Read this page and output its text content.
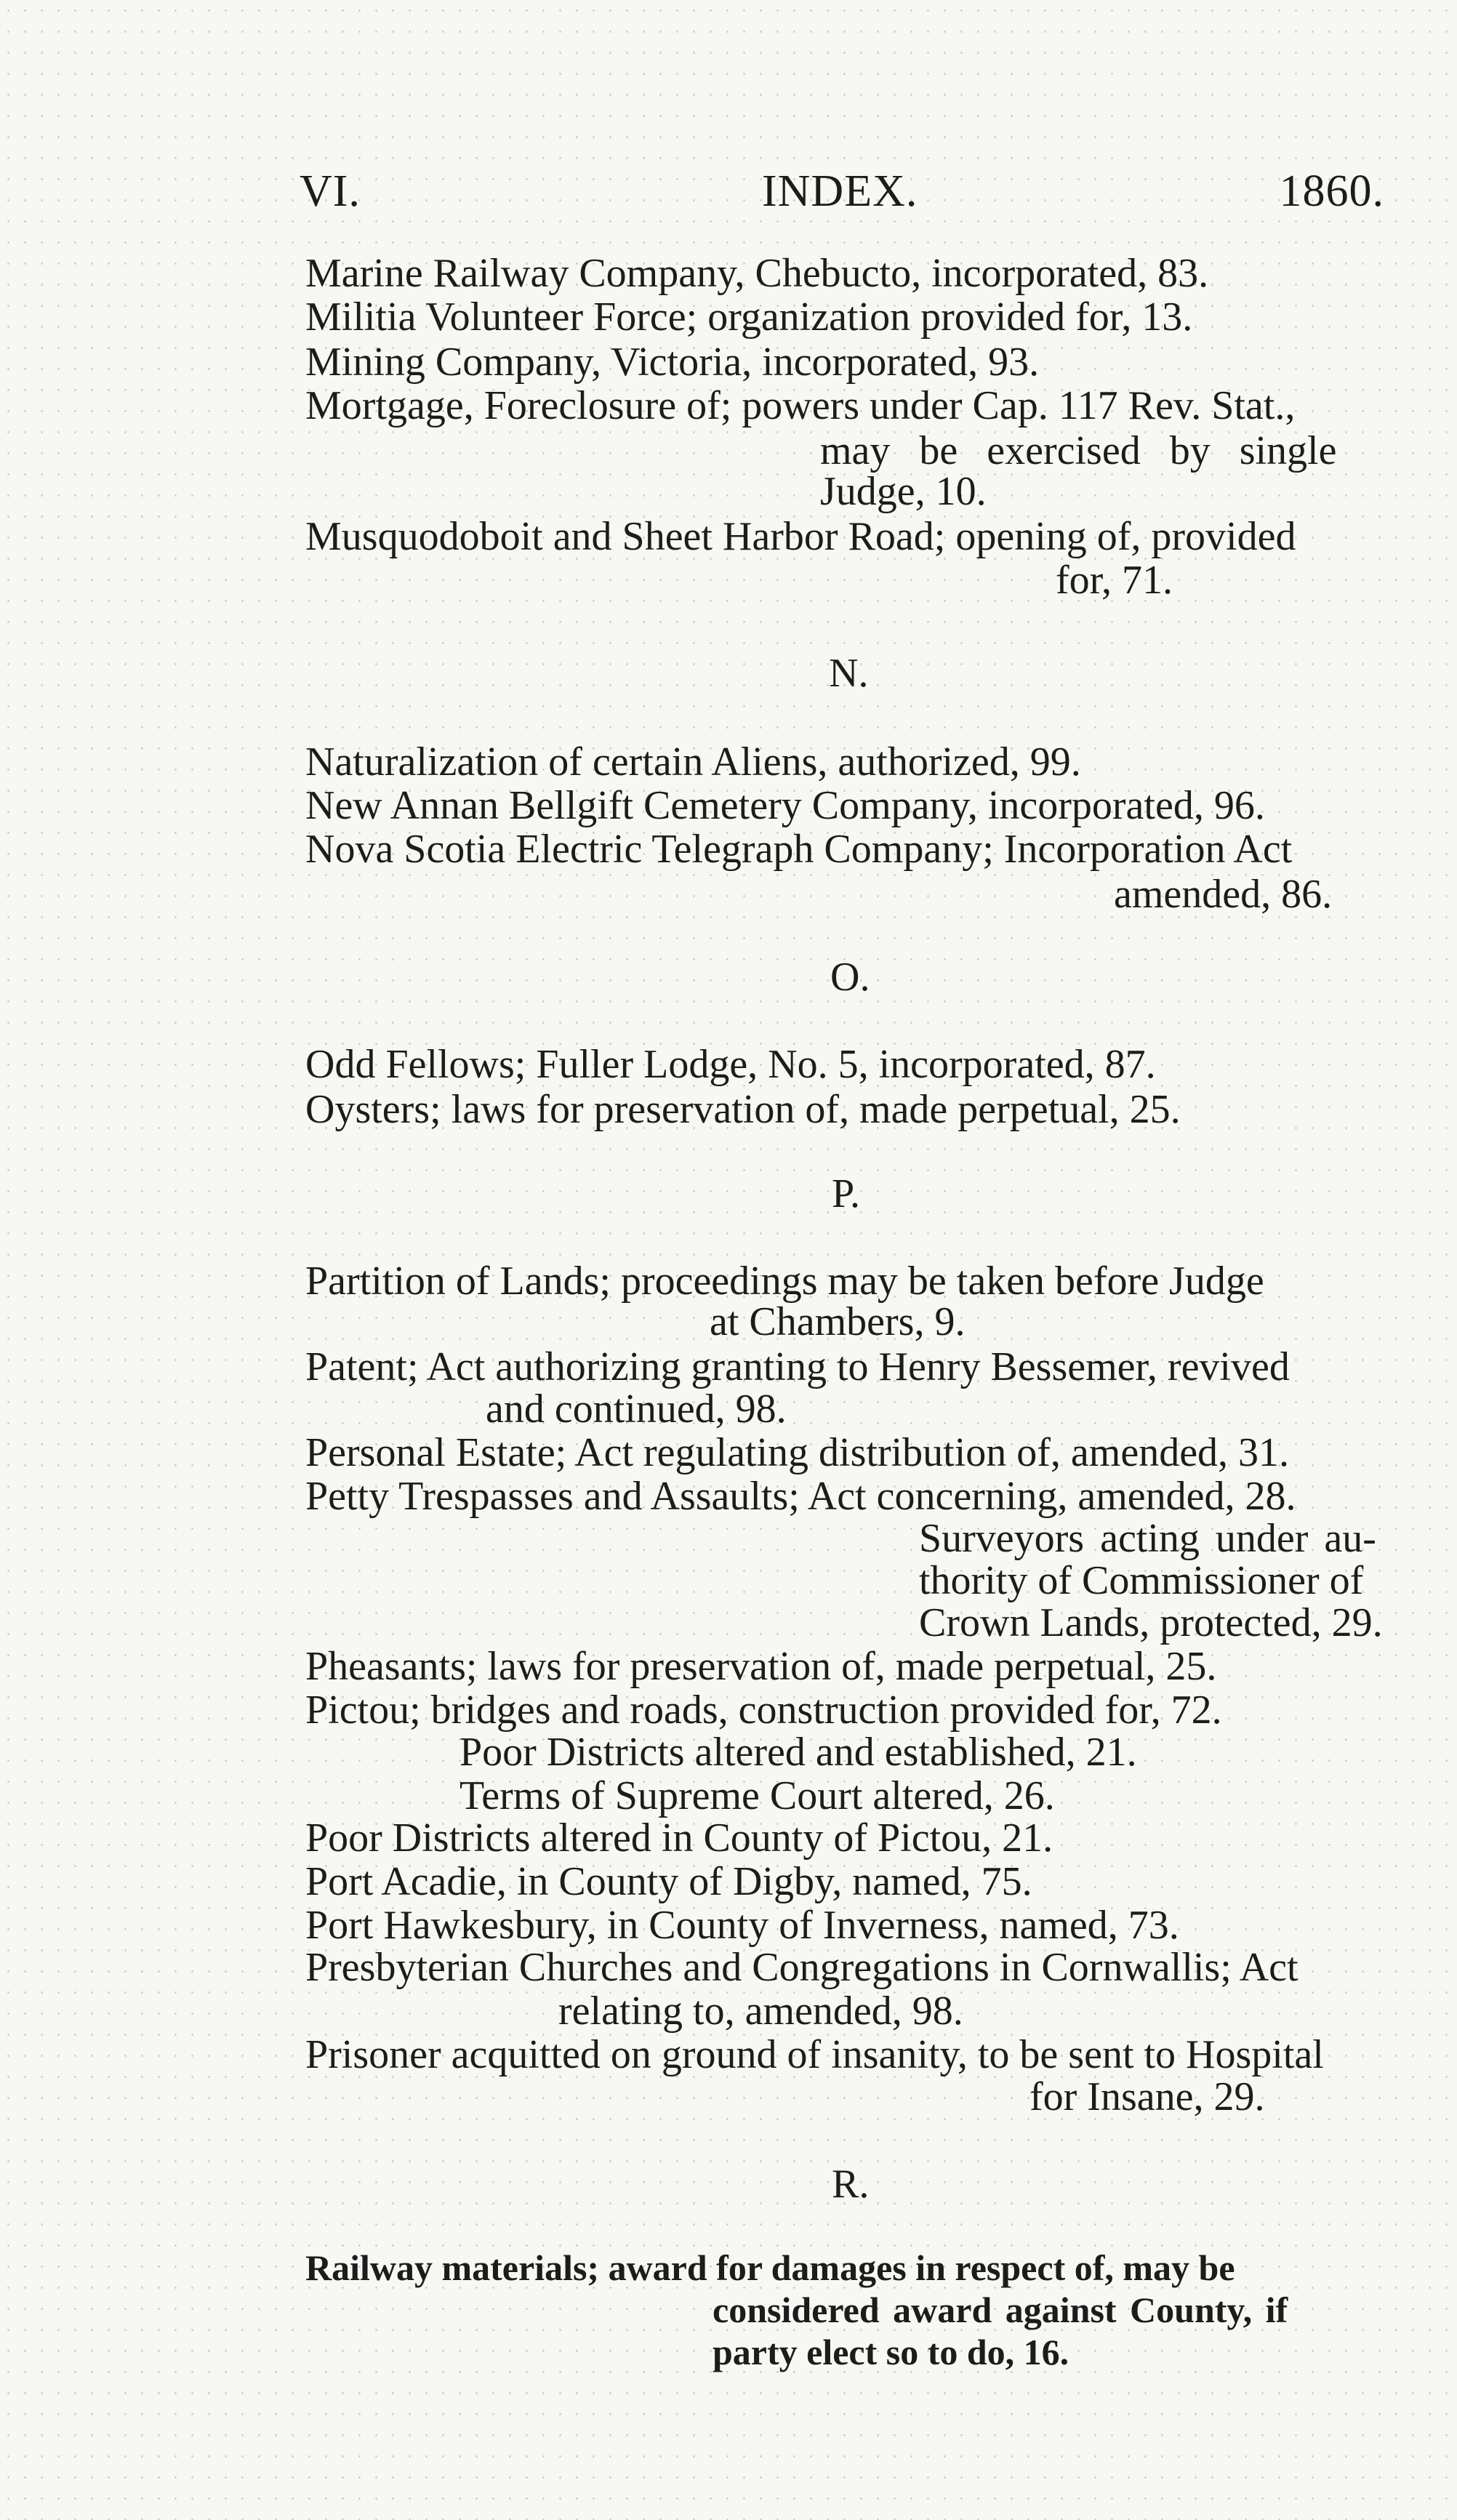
VI.	INDEX.	1860.
Marine Railway Company, Chebucto, incorporated, 83.
Militia Volunteer Force; organization provided for, 13.
Mining Company, Victoria, incorporated, 93.
Mortgage, Foreclosure of; powers under Cap. 117 Rev. Stat.,
may be exercised by single
Judge, 10.
Musquodoboit and Sheet Harbor Road; opening of, provided
for, 71.
N.
Naturalization of certain Aliens, authorized, 99.
New Annan Bellgift Cemetery Company, incorporated, 96.
Nova Scotia Electric Telegraph Company; Incorporation Act
amended, 86.
O.
Odd Fellows; Fuller Lodge, No. 5, incorporated, 87.
Oysters; laws for preservation of, made perpetual, 25.
P.
Partition of Lands; proceedings may be taken before Judge
at Chambers, 9.
Patent; Act authorizing granting to Henry Bessemer, revived
and continued, 98.
Personal Estate; Act regulating distribution of, amended, 31.
Petty Trespasses and Assaults; Act concerning, amended, 28.
Surveyors acting under au-
thority of Commissioner of
Crown Lands, protected, 29.
Pheasants; laws for preservation of, made perpetual, 25.
Pictou; bridges and roads, construction provided for, 72.
Poor Districts altered and established, 21.
Terms of Supreme Court altered, 26.
Poor Districts altered in County of Pictou, 21.
Port Acadie, in County of Digby, named, 75.
Port Hawkesbury, in County of Inverness, named, 73.
Presbyterian Churches and Congregations in Cornwallis; Act
relating to, amended, 98.
Prisoner acquitted on ground of insanity, to be sent to Hospital
for Insane, 29.
R.
Railway materials; award for damages in respect of, may be
considered award against County, if
party elect so to do, 16.
